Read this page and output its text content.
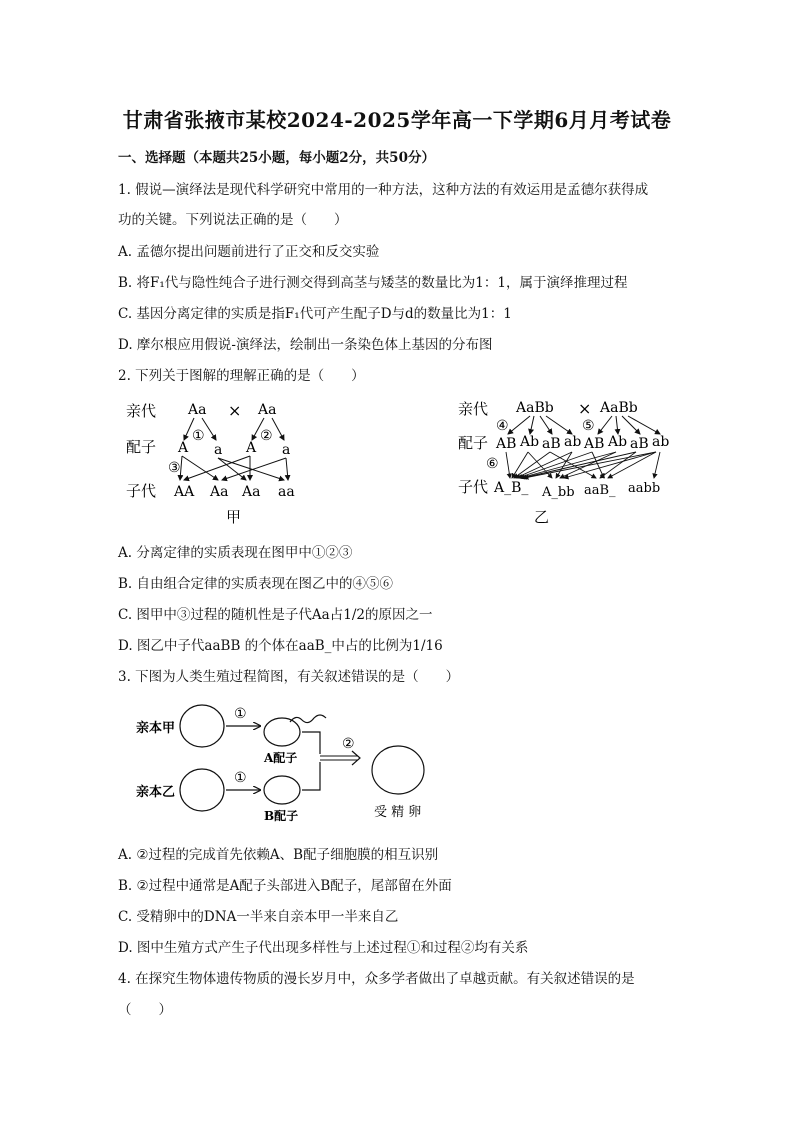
甘肃省张掖市某校2024-2025学年高一下学期6月月考试卷
一、选择题（本题共25小题，每小题2分，共50分）
1. 假说—演绎法是现代科学研究中常用的一种方法，这种方法的有效运用是孟德尔获得成
功的关键。下列说法正确的是（　　）
A. 孟德尔提出问题前进行了正交和反交实验
B. 将F₁代与隐性纯合子进行测交得到高茎与矮茎的数量比为1：1，属于演绎推理过程
C. 基因分离定律的实质是指F₁代可产生配子D与d的数量比为1：1
D. 摩尔根应用假说-演绎法，绘制出一条染色体上基因的分布图
2. 下列关于图解的理解正确的是（　　）
亲代
配子
子代
Aa × Aa
①	②
A a A a
③
AA Aa Aa aa
甲
亲代
配子
子代
AaBb × AaBb
④	⑤
AB Ab aB ab AB Ab aB ab
⑥
A_B_ A_bb aaB_ aabb
乙
A. 分离定律的实质表现在图甲中①②③
B. 自由组合定律的实质表现在图乙中的④⑤⑥
C. 图甲中③过程的随机性是子代Aa占1/2的原因之一
D. 图乙中子代aaBB 的个体在aaB_中占的比例为1/16
3. 下图为人类生殖过程简图，有关叙述错误的是（　　）
亲本甲
亲本乙
①
①
A配子
B配子
②
受 精 卵
A. ②过程的完成首先依赖A、B配子细胞膜的相互识别
B. ②过程中通常是A配子头部进入B配子，尾部留在外面
C. 受精卵中的DNA一半来自亲本甲一半来自乙
D. 图中生殖方式产生子代出现多样性与上述过程①和过程②均有关系
4. 在探究生物体遗传物质的漫长岁月中，众多学者做出了卓越贡献。有关叙述错误的是
（　　）
